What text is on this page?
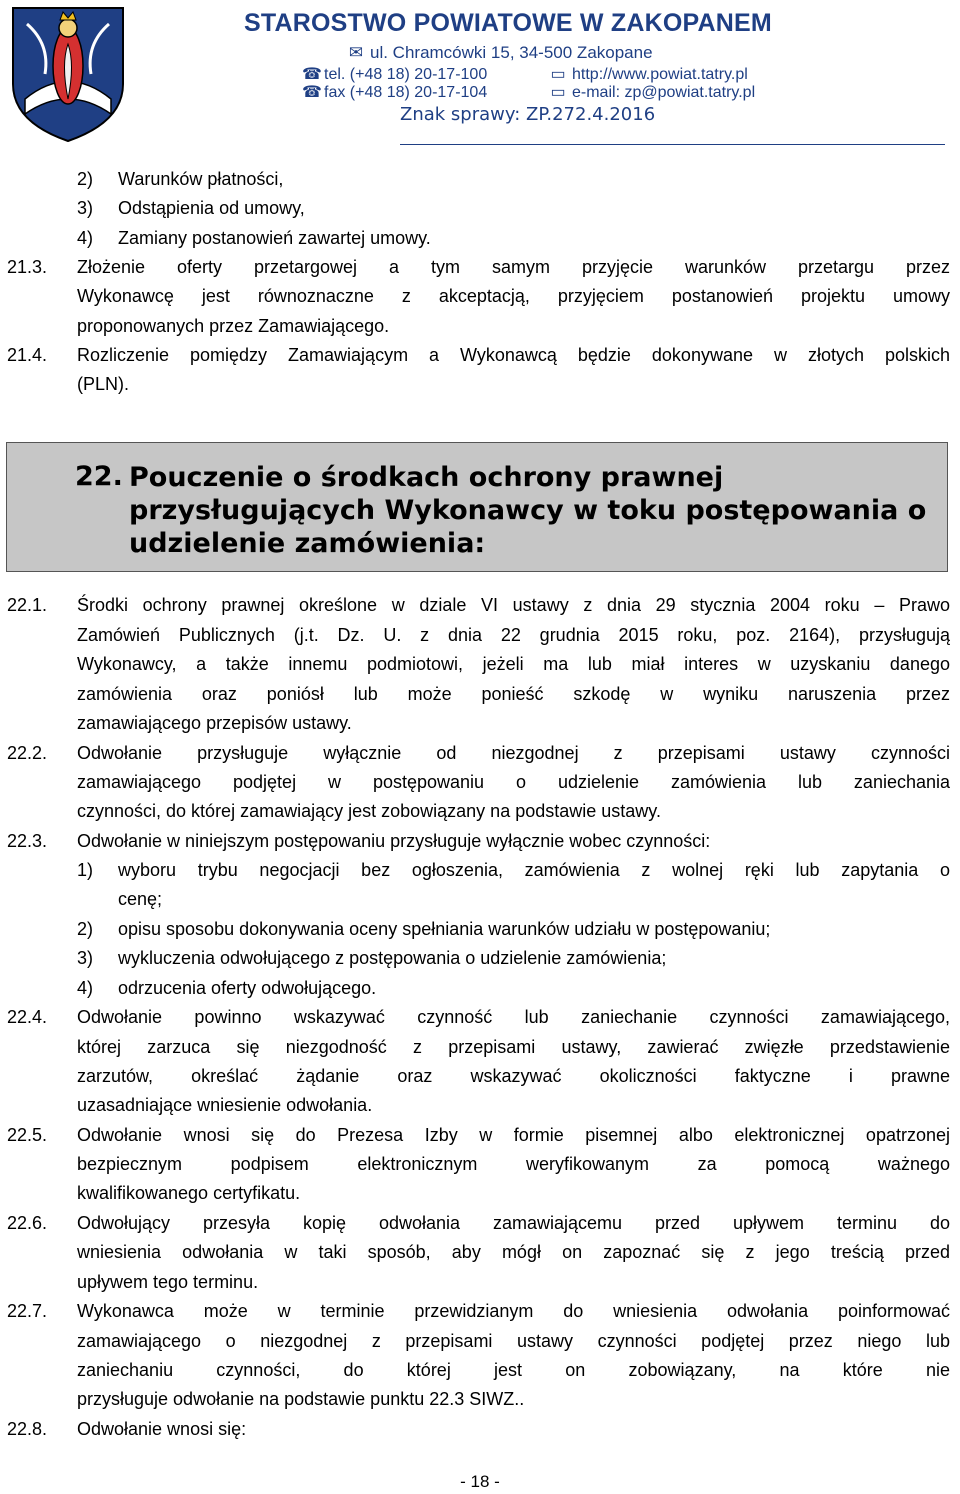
STAROSTWO POWIATOWE W ZAKOPANEM
✉ ul. Chramcówki 15, 34-500 Zakopane
☎ tel. (+48 18) 20-17-100
☎ fax (+48 18) 20-17-104
▭ http://www.powiat.tatry.pl
▭ e-mail: zp@powiat.tatry.pl
Znak sprawy: ZP.272.4.2016
2) Warunków płatności,
3) Odstąpienia od umowy,
4) Zamiany postanowień zawartej umowy.
21.3. Złożenie oferty przetargowej a tym samym przyjęcie warunków przetargu przez
Wykonawcę jest równoznaczne z akceptacją, przyjęciem postanowień projektu umowy
proponowanych przez Zamawiającego.
21.4. Rozliczenie pomiędzy Zamawiającym a Wykonawcą będzie dokonywane w złotych polskich
(PLN).
22. Pouczenie o środkach ochrony prawnej przysługujących Wykonawcy w toku postępowania o udzielenie zamówienia:
22.1. Środki ochrony prawnej określone w dziale VI ustawy z dnia 29 stycznia 2004 roku – Prawo
Zamówień Publicznych (j.t. Dz. U. z dnia 22 grudnia 2015 roku, poz. 2164), przysługują
Wykonawcy, a także innemu podmiotowi, jeżeli ma lub miał interes w uzyskaniu danego
zamówienia oraz poniósł lub może ponieść szkodę w wyniku naruszenia przez
zamawiającego przepisów ustawy.
22.2. Odwołanie przysługuje wyłącznie od niezgodnej z przepisami ustawy czynności
zamawiającego podjętej w postępowaniu o udzielenie zamówienia lub zaniechania
czynności, do której zamawiający jest zobowiązany na podstawie ustawy.
22.3. Odwołanie w niniejszym postępowaniu przysługuje wyłącznie wobec czynności:
1) wyboru trybu negocjacji bez ogłoszenia, zamówienia z wolnej ręki lub zapytania o
cenę;
2) opisu sposobu dokonywania oceny spełniania warunków udziału w postępowaniu;
3) wykluczenia odwołującego z postępowania o udzielenie zamówienia;
4) odrzucenia oferty odwołującego.
22.4. Odwołanie powinno wskazywać czynność lub zaniechanie czynności zamawiającego,
której zarzuca się niezgodność z przepisami ustawy, zawierać zwięzłe przedstawienie
zarzutów, określać żądanie oraz wskazywać okoliczności faktyczne i prawne
uzasadniające wniesienie odwołania.
22.5. Odwołanie wnosi się do Prezesa Izby w formie pisemnej albo elektronicznej opatrzonej
bezpiecznym podpisem elektronicznym weryfikowanym za pomocą ważnego
kwalifikowanego certyfikatu.
22.6. Odwołujący przesyła kopię odwołania zamawiającemu przed upływem terminu do
wniesienia odwołania w taki sposób, aby mógł on zapoznać się z jego treścią przed
upływem tego terminu.
22.7. Wykonawca może w terminie przewidzianym do wniesienia odwołania poinformować
zamawiającego o niezgodnej z przepisami ustawy czynności podjętej przez niego lub
zaniechaniu czynności, do której jest on zobowiązany, na które nie
przysługuje odwołanie na podstawie punktu 22.3 SIWZ..
22.8. Odwołanie wnosi się:
- 18 -
